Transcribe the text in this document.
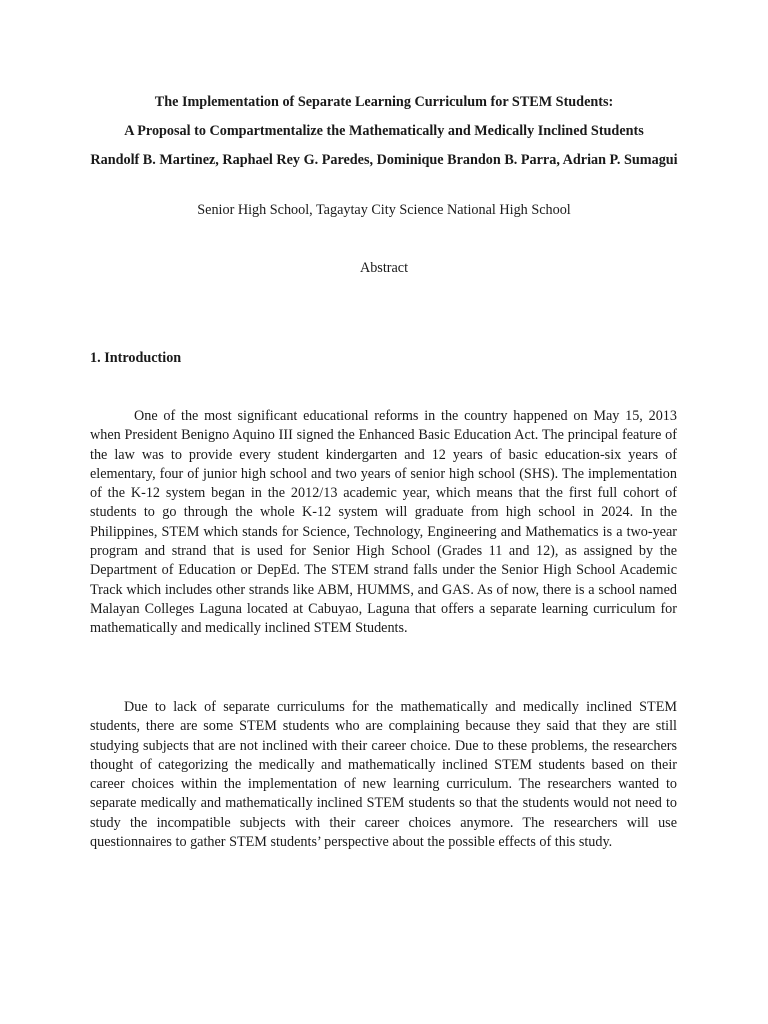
The Implementation of Separate Learning Curriculum for STEM Students:
A Proposal to Compartmentalize the Mathematically and Medically Inclined Students
Randolf B. Martinez, Raphael Rey G. Paredes, Dominique Brandon B. Parra, Adrian P. Sumagui
Senior High School, Tagaytay City Science National High School
Abstract
1. Introduction

One of the most significant educational reforms in the country happened on May 15, 2013 when President Benigno Aquino III signed the Enhanced Basic Education Act. The principal feature of the law was to provide every student kindergarten and 12 years of basic education-six years of elementary, four of junior high school and two years of senior high school (SHS). The implementation of the K-12 system began in the 2012/13 academic year, which means that the first full cohort of students to go through the whole K-12 system will graduate from high school in 2024. In the Philippines, STEM which stands for Science, Technology, Engineering and Mathematics is a two-year program and strand that is used for Senior High School (Grades 11 and 12), as assigned by the Department of Education or DepEd. The STEM strand falls under the Senior High School Academic Track which includes other strands like ABM, HUMMS, and GAS. As of now, there is a school named Malayan Colleges Laguna located at Cabuyao, Laguna that offers a separate learning curriculum for mathematically and medically inclined STEM Students.

Due to lack of separate curriculums for the mathematically and medically inclined STEM students, there are some STEM students who are complaining because they said that they are still studying subjects that are not inclined with their career choice. Due to these problems, the researchers thought of categorizing the medically and mathematically inclined STEM students based on their career choices within the implementation of new learning curriculum. The researchers wanted to separate medically and mathematically inclined STEM students so that the students would not need to study the incompatible subjects with their career choices anymore. The researchers will use questionnaires to gather STEM students’ perspective about the possible effects of this study.
